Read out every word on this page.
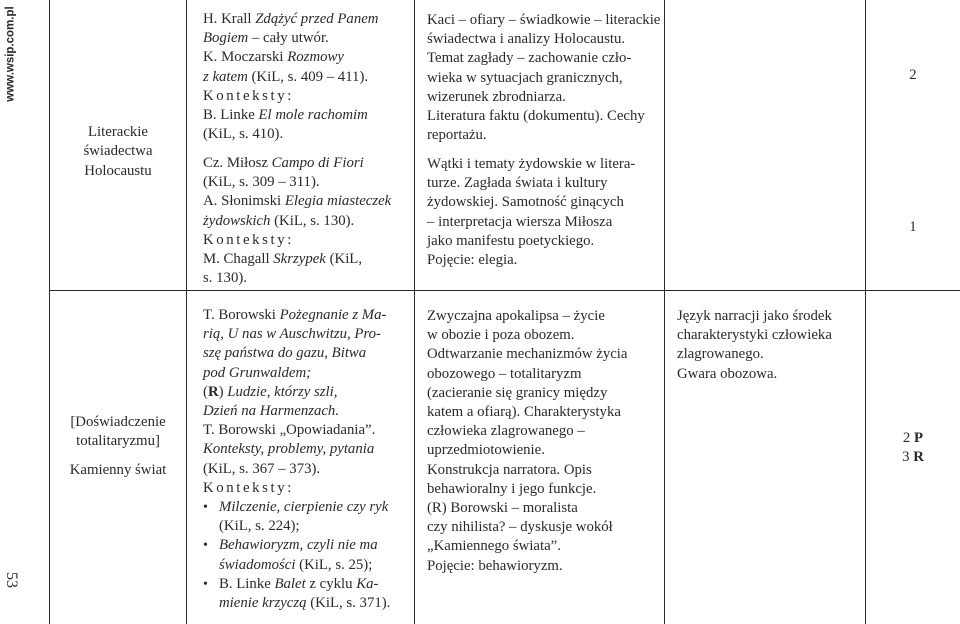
www.wsip.com.pl
53

Literackie

świadectwa

Holocaustu

H. Krall Zdążyć przed Panem

Bogiem – cały utwór.

K. Moczarski Rozmowy

z katem (KiL, s. 409 – 411).

Konteksty:

B. Linke El mole rachomim

(KiL, s. 410).

Cz. Miłosz Campo di Fiori

(KiL, s. 309 – 311).

A. Słonimski Elegia miasteczek

żydowskich (KiL, s. 130).

Konteksty:

M. Chagall Skrzypek (KiL,

s. 130).

Kaci – ofiary – świadkowie – literackie

świadectwa i analizy Holocaustu.

Temat zagłady – zachowanie czło-

wieka w sytuacjach granicznych,

wizerunek zbrodniarza.

Literatura faktu (dokumentu). Cechy

reportażu.

Wątki i tematy żydowskie w litera-

turze. Zagłada świata i kultury

żydowskiej. Samotność ginących

– interpretacja wiersza Miłosza

jako manifestu poetyckiego.

Pojęcie: elegia.

2

1

[Doświadczenie

totalitaryzmu]

Kamienny świat

T. Borowski Pożegnanie z Ma-

rią, U nas w Auschwitzu, Pro-

szę państwa do gazu, Bitwa

pod Grunwaldem;

(R) Ludzie, którzy szli,

Dzień na Harmenzach.

T. Borowski „Opowiadania”.

Konteksty, problemy, pytania

(KiL, s. 367 – 373).

Konteksty:

• Milczenie, cierpienie czy ryk

(KiL, s. 224);

• Behawioryzm, czyli nie ma

świadomości (KiL, s. 25);

• B. Linke Balet z cyklu Ka-

mienie krzyczą (KiL, s. 371).

Zwyczajna apokalipsa – życie

w obozie i poza obozem.

Odtwarzanie mechanizmów życia

obozowego – totalitaryzm

(zacieranie się granicy między

katem a ofiarą). Charakterystyka

człowieka zlagrowanego –

uprzedmiotowienie.

Konstrukcja narratora. Opis

behawioralny i jego funkcje.

(R) Borowski – moralista

czy nihilista? – dyskusje wokół

„Kamiennego świata”.

Pojęcie: behawioryzm.

Język narracji jako środek

charakterystyki człowieka

zlagrowanego.

Gwara obozowa.

2 P

3 R
